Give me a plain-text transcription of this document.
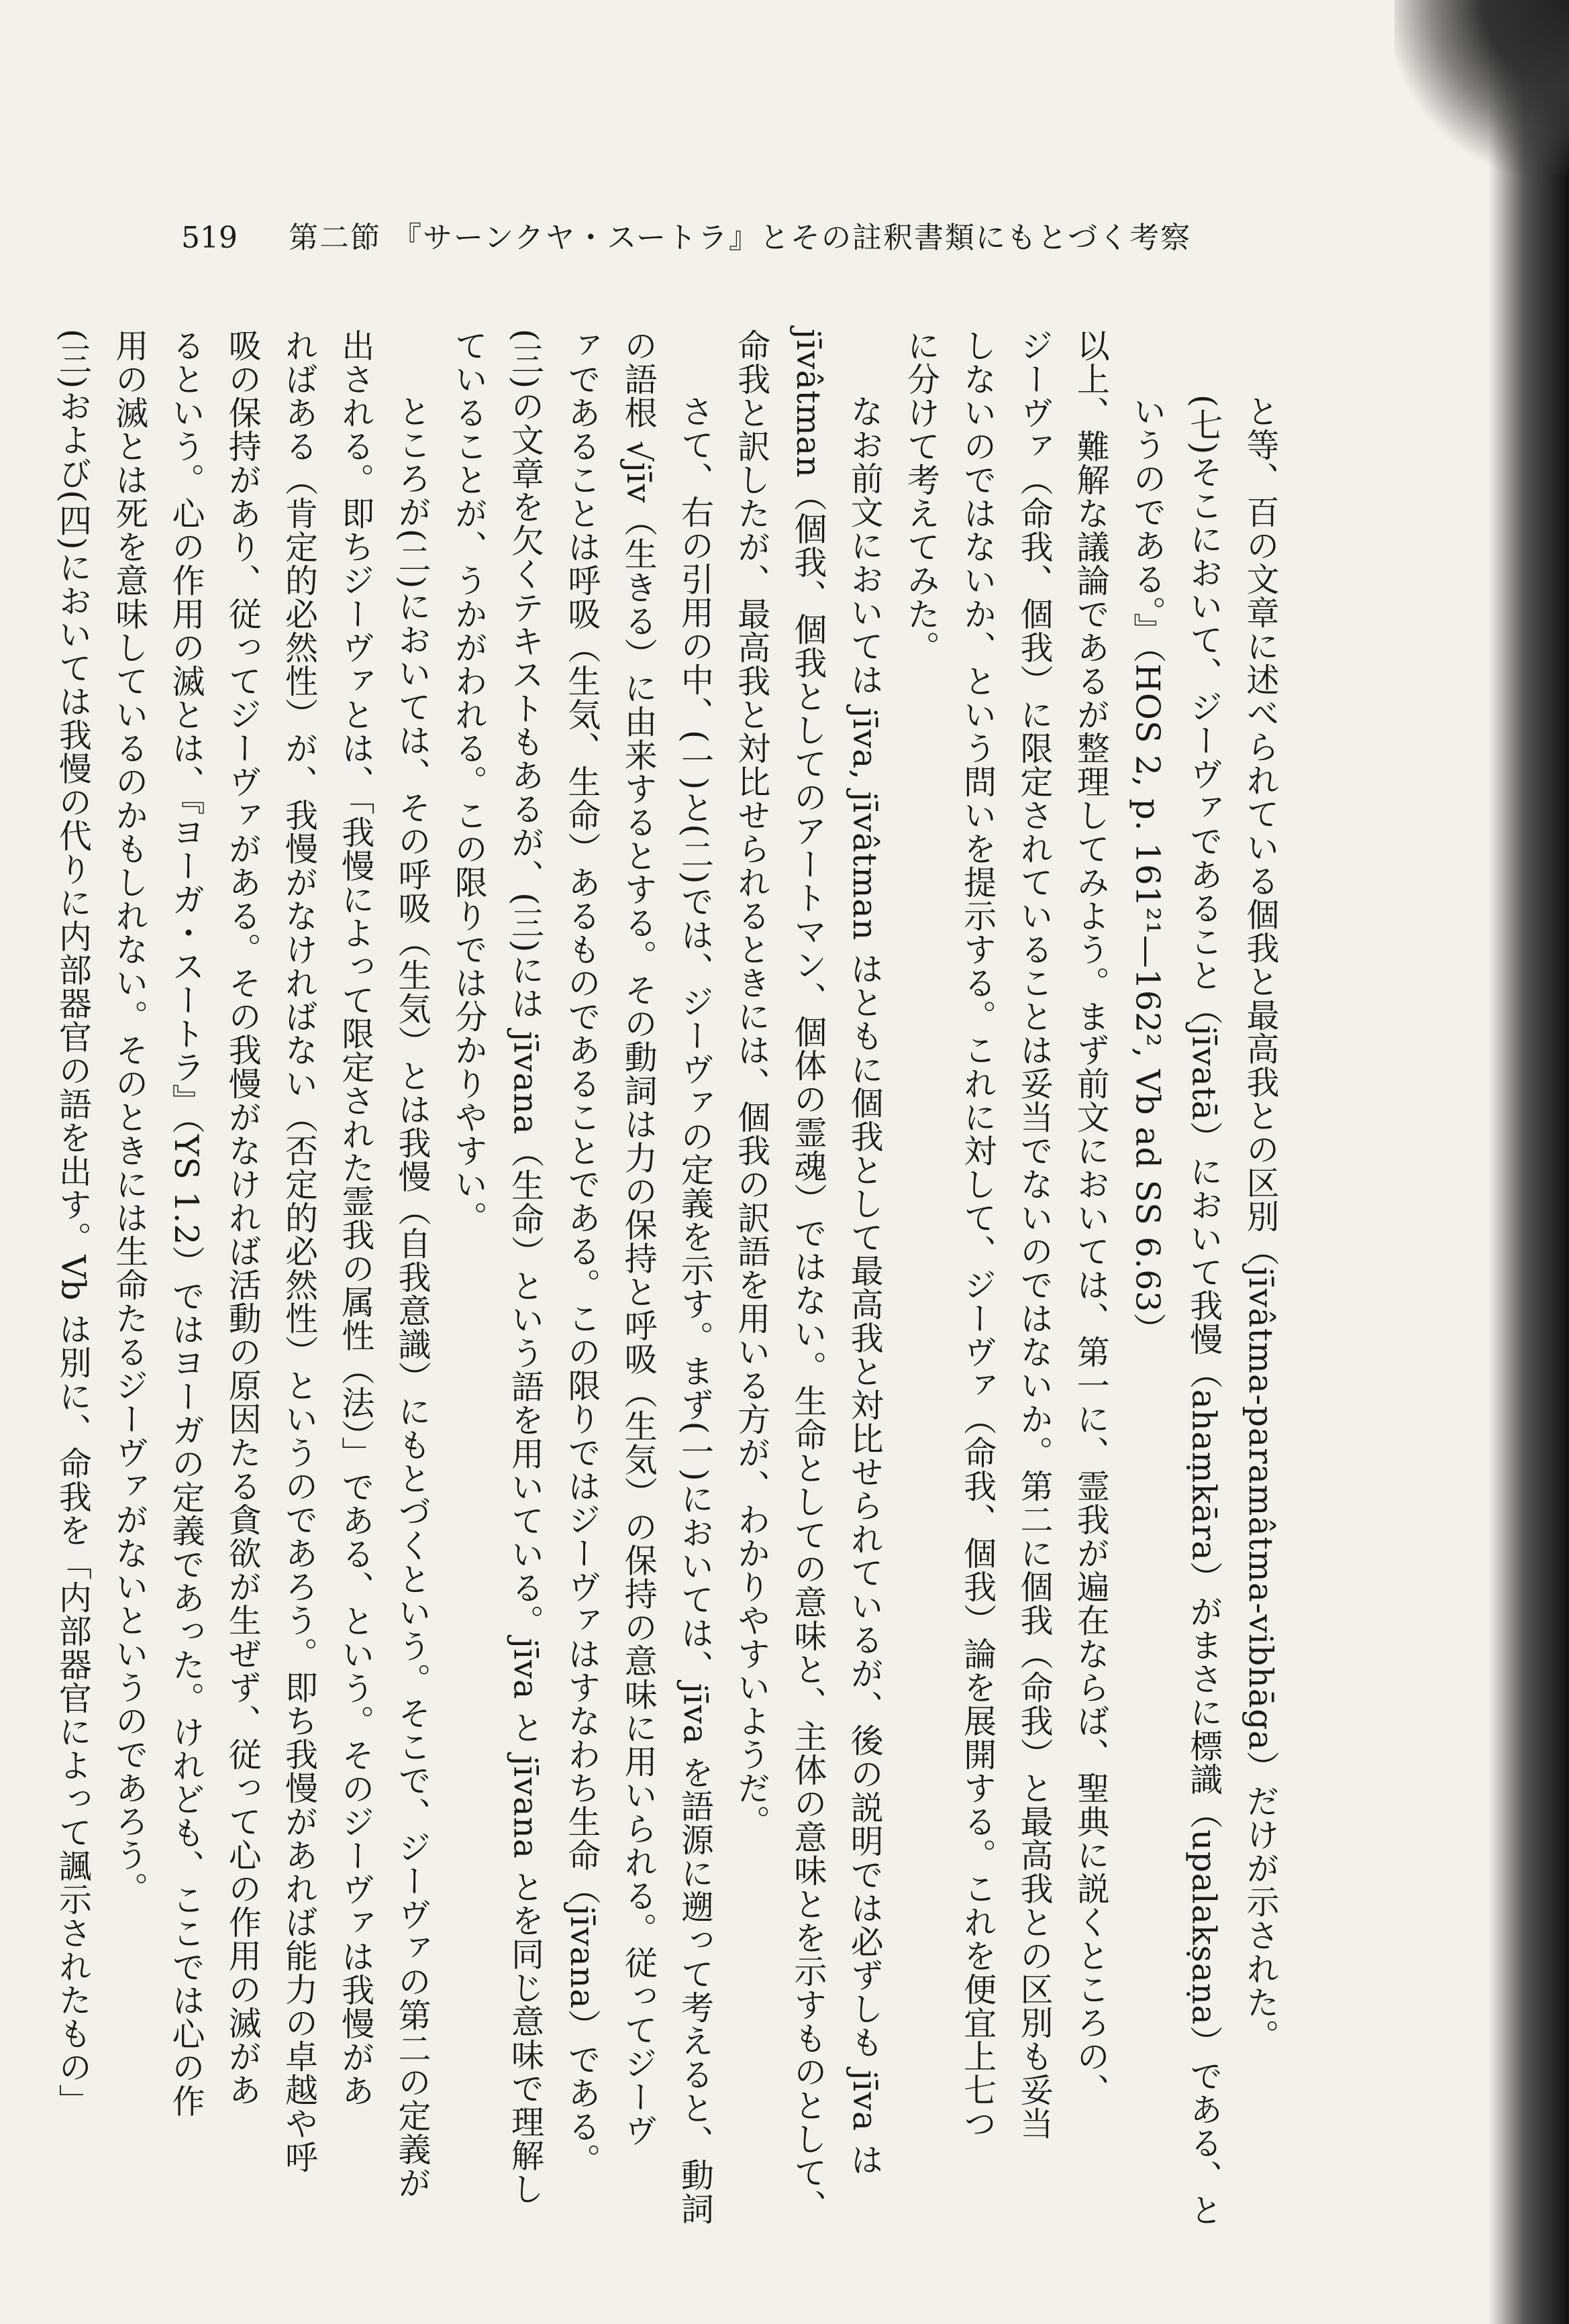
519 第二節 『サーンクヤ・スートラ』とその註釈書類にもとづく考察
と等、百の文章に述べられている個我と最高我との区別（jīvâtma-paramâtma-vibhāga）だけが示された。
(七)そこにおいて、ジーヴァであること（jīvatā）において我慢（ahaṃkāra）がまさに標識（upalakṣaṇa）である、と
いうのである。』（HOS 2, p. 161²¹—162², Vb ad SS 6.63）
以上、難解な議論であるが整理してみよう。まず前文においては、第一に、霊我が遍在ならば、聖典に説くところの、
ジーヴァ（命我、個我）に限定されていることは妥当でないのではないか。第二に個我（命我）と最高我との区別も妥当
しないのではないか、という問いを提示する。これに対して、ジーヴァ（命我、個我）論を展開する。これを便宜上七つ
に分けて考えてみた。
なお前文においては jīva, jīvâtman はともに個我として最高我と対比せられているが、後の説明では必ずしも jīva は
jīvâtman（個我、個我としてのアートマン、個体の霊魂）ではない。生命としての意味と、主体の意味とを示すものとして、
命我と訳したが、最高我と対比せられるときには、個我の訳語を用いる方が、わかりやすいようだ。
さて、右の引用の中、(一)と(二)では、ジーヴァの定義を示す。まず(一)においては、jīva を語源に遡って考えると、動詞
の語根 √jīv（生きる）に由来するとする。その動詞は力の保持と呼吸（生気）の保持の意味に用いられる。従ってジーヴ
ァであることは呼吸（生気、生命）あるものであることである。この限りではジーヴァはすなわち生命（jīvana）である。
(三)の文章を欠くテキストもあるが、(三)には jīvana（生命）という語を用いている。jīva と jīvana とを同じ意味で理解し
ていることが、うかがわれる。この限りでは分かりやすい。
ところが(二)においては、その呼吸（生気）とは我慢（自我意識）にもとづくという。そこで、ジーヴァの第二の定義が
出される。即ちジーヴァとは、「我慢によって限定された霊我の属性（法）」である、という。そのジーヴァは我慢があ
ればある（肯定的必然性）が、我慢がなければない（否定的必然性）というのであろう。即ち我慢があれば能力の卓越や呼
吸の保持があり、従ってジーヴァがある。その我慢がなければ活動の原因たる貪欲が生ぜず、従って心の作用の滅があ
るという。心の作用の滅とは、『ヨーガ・スートラ』（YS 1.2）ではヨーガの定義であった。けれども、ここでは心の作
用の滅とは死を意味しているのかもしれない。そのときには生命たるジーヴァがないというのであろう。
(三)および(四)においては我慢の代りに内部器官の語を出す。Vb は別に、命我を「内部器官によって諷示されたもの」
